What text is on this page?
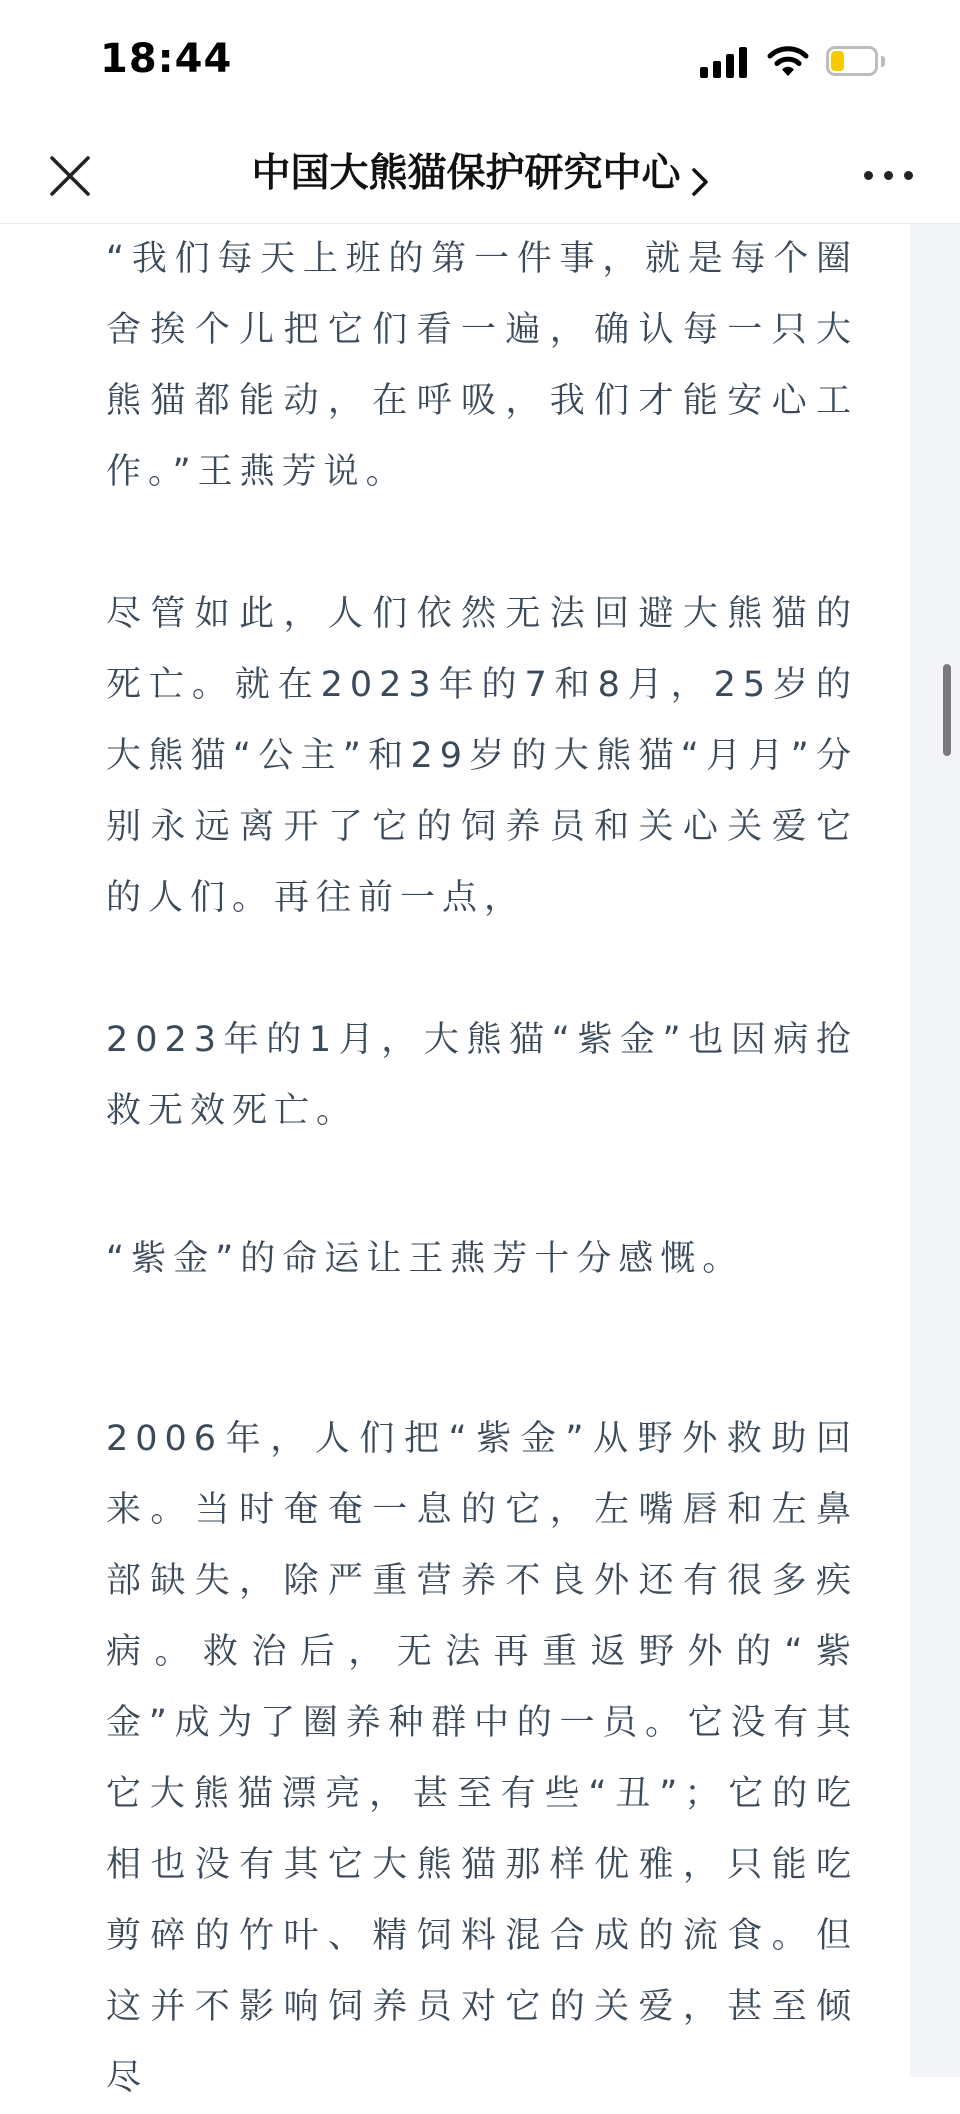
18:44
中国大熊猫保护研究中心

“我们每天上班的第一件事，就是每个圈舍挨个儿把它们看一遍，确认每一只大熊猫都能动，在呼吸，我们才能安心工作。”王燕芳说。

尽管如此，人们依然无法回避大熊猫的死亡。就在2023年的7和8月，25岁的大熊猫“公主”和29岁的大熊猫“月月”分别永远离开了它的饲养员和关心关爱它的人们。再往前一点，

2023年的1月，大熊猫“紫金”也因病抢救无效死亡。

“紫金”的命运让王燕芳十分感慨。

2006年，人们把“紫金”从野外救助回来。当时奄奄一息的它，左嘴唇和左鼻部缺失，除严重营养不良外还有很多疾病。救治后，无法再重返野外的“紫金”成为了圈养种群中的一员。它没有其它大熊猫漂亮，甚至有些“丑”；它的吃相也没有其它大熊猫那样优雅，只能吃剪碎的竹叶、精饲料混合成的流食。但这并不影响饲养员对它的关爱，甚至倾尽
